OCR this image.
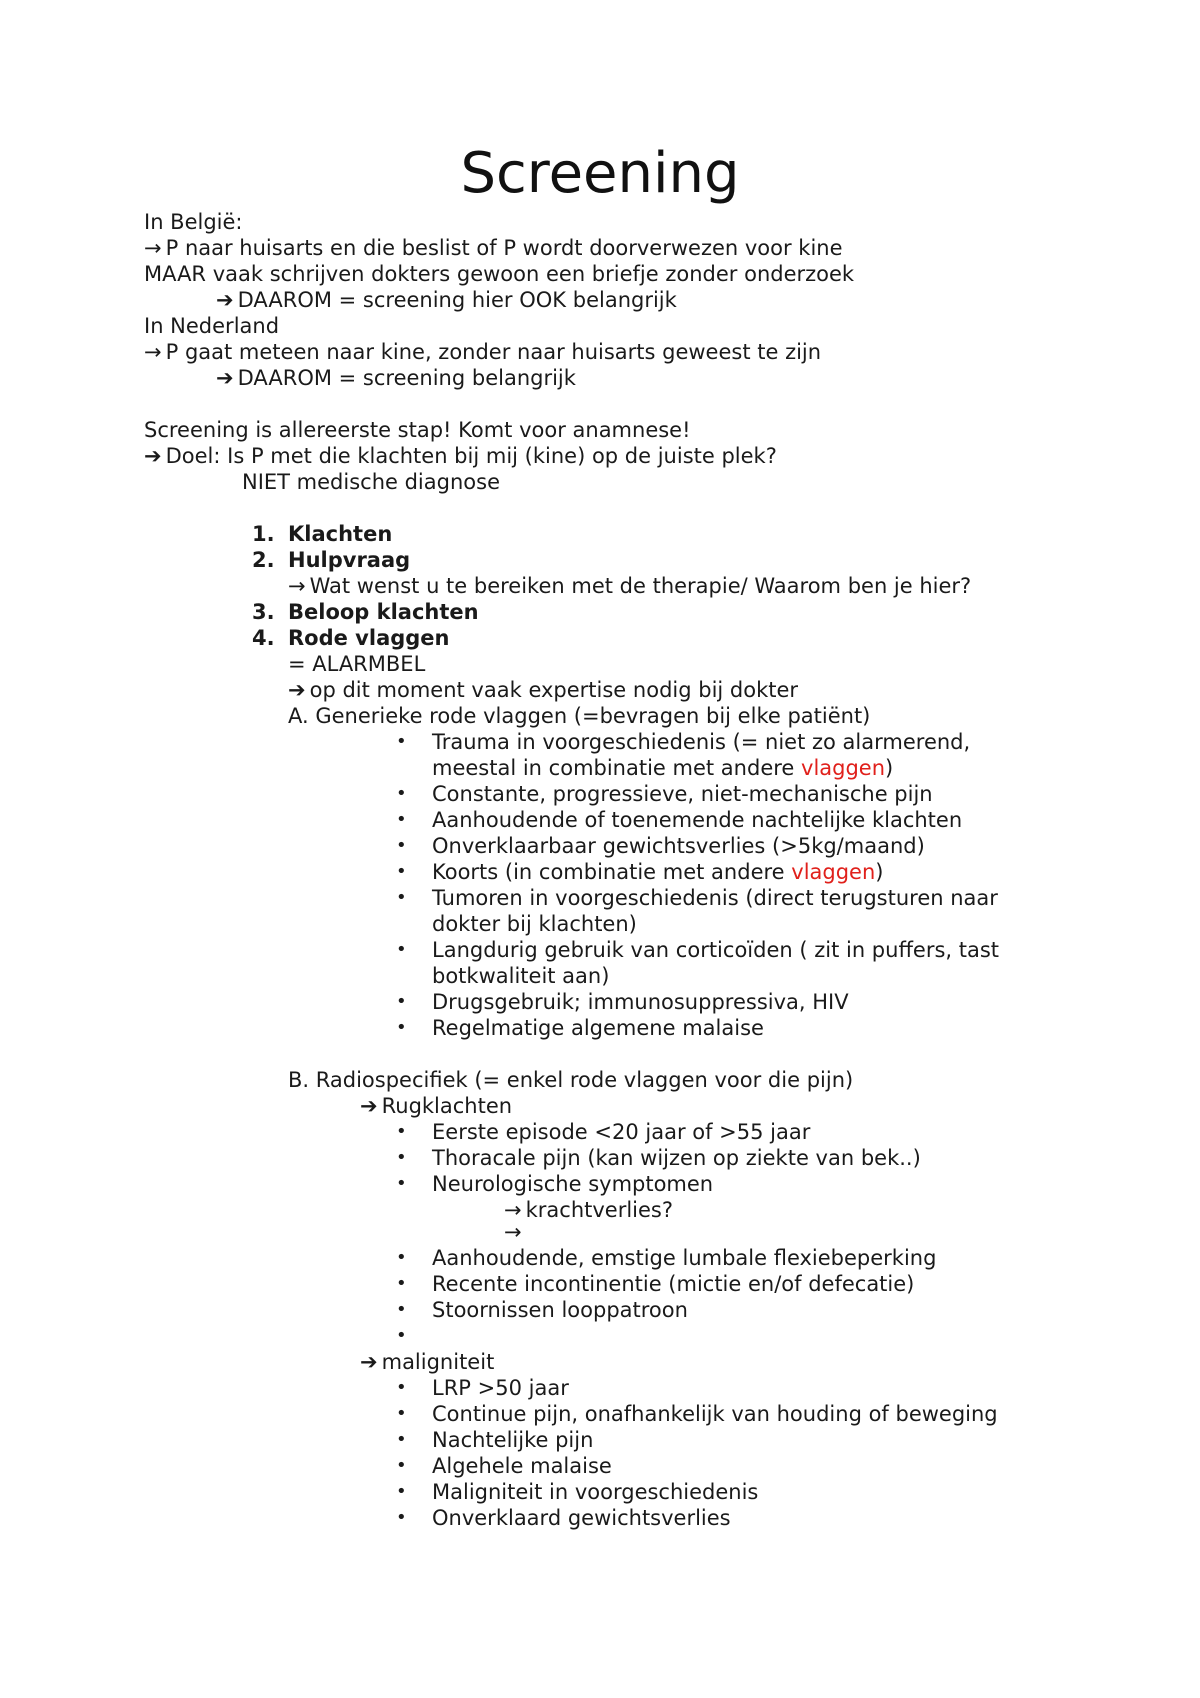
Screening
In België:
→ P naar huisarts en die beslist of P wordt doorverwezen voor kine
MAAR vaak schrijven dokters gewoon een briefje zonder onderzoek
➔ DAAROM = screening hier OOK belangrijk
In Nederland
→ P gaat meteen naar kine, zonder naar huisarts geweest te zijn
➔ DAAROM = screening belangrijk
Screening is allereerste stap! Komt voor anamnese!
➔ Doel: Is P met die klachten bij mij (kine) op de juiste plek?
NIET medische diagnose
1. Klachten
2. Hulpvraag
→ Wat wenst u te bereiken met de therapie/ Waarom ben je hier?
3. Beloop klachten
4. Rode vlaggen
= ALARMBEL
➔ op dit moment vaak expertise nodig bij dokter
A. Generieke rode vlaggen (=bevragen bij elke patiënt)
• Trauma in voorgeschiedenis (= niet zo alarmerend,
meestal in combinatie met andere vlaggen)
• Constante, progressieve, niet-mechanische pijn
• Aanhoudende of toenemende nachtelijke klachten
• Onverklaarbaar gewichtsverlies (>5kg/maand)
• Koorts (in combinatie met andere vlaggen)
• Tumoren in voorgeschiedenis (direct terugsturen naar
dokter bij klachten)
• Langdurig gebruik van corticoïden ( zit in puffers, tast
botkwaliteit aan)
• Drugsgebruik; immunosuppressiva, HIV
• Regelmatige algemene malaise
B. Radiospecifiek (= enkel rode vlaggen voor die pijn)
➔ Rugklachten
• Eerste episode <20 jaar of >55 jaar
• Thoracale pijn (kan wijzen op ziekte van bek..)
• Neurologische symptomen
→ krachtverlies?
→
• Aanhoudende, emstige lumbale flexiebeperking
• Recente incontinentie (mictie en/of defecatie)
• Stoornissen looppatroon
•
➔ maligniteit
• LRP >50 jaar
• Continue pijn, onafhankelijk van houding of beweging
• Nachtelijke pijn
• Algehele malaise
• Maligniteit in voorgeschiedenis
• Onverklaard gewichtsverlies
